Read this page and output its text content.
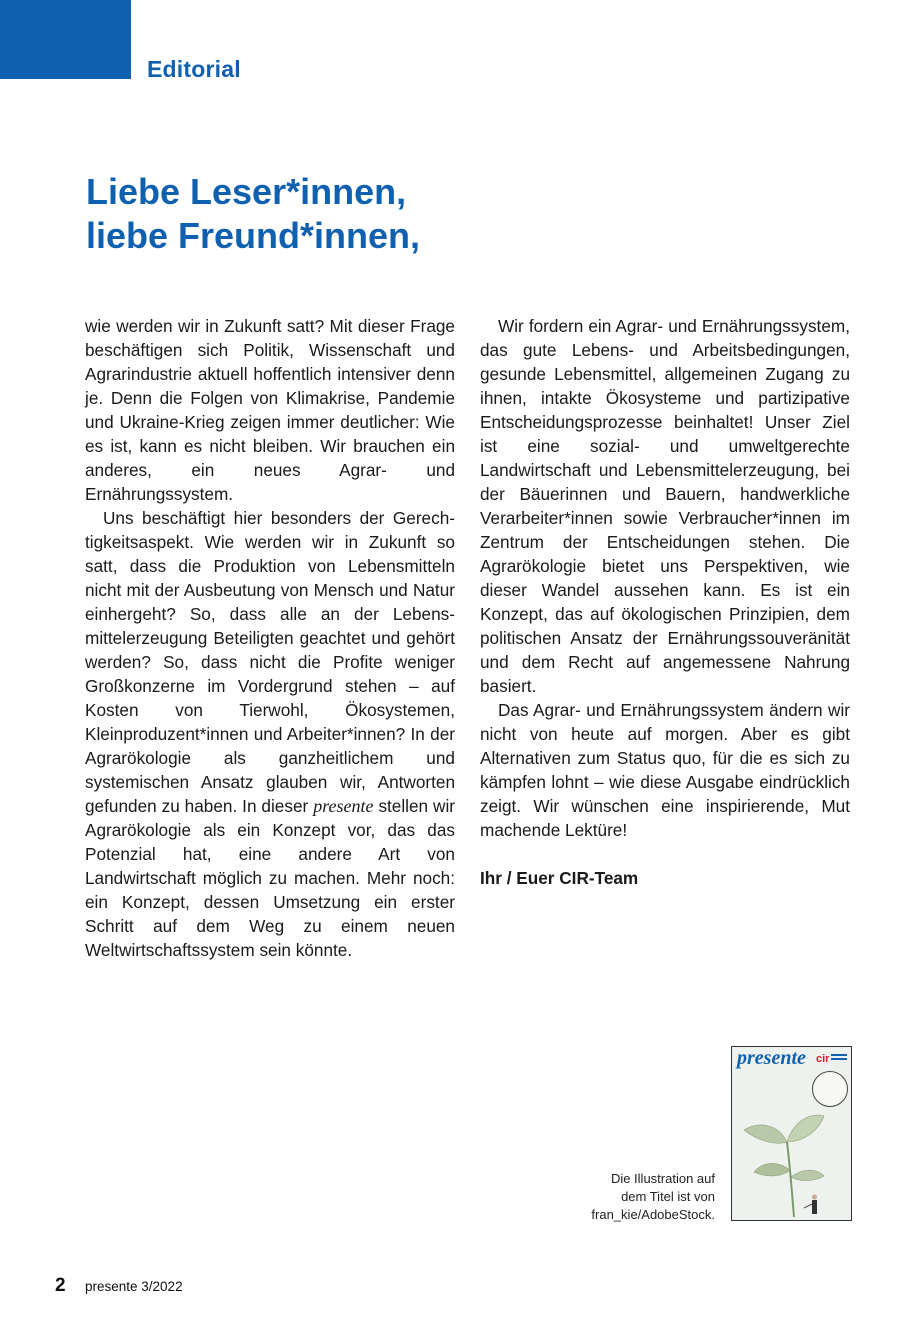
Editorial
Liebe Leser*innen,
liebe Freund*innen,

wie werden wir in Zukunft satt? Mit dieser Frage beschäftigen sich Politik, Wissenschaft und Agrarindustrie aktuell hoffentlich intensiver denn je. Denn die Folgen von Klimakrise, Pandemie und Ukraine-Krieg zeigen immer deutlicher: Wie es ist, kann es nicht bleiben. Wir brauchen ein anderes, ein neues Agrar- und Ernährungssystem.

Uns beschäftigt hier besonders der Gerechtigkeitsaspekt. Wie werden wir in Zukunft so satt, dass die Produktion von Lebensmitteln nicht mit der Ausbeutung von Mensch und Natur einhergeht? So, dass alle an der Lebensmittelerzeugung Beteiligten geachtet und gehört werden? So, dass nicht die Profite weniger Großkonzerne im Vordergrund stehen – auf Kosten von Tierwohl, Ökosystemen, Kleinproduzent*innen und Arbeiter*innen? In der Agrarökologie als ganzheitlichem und systemischen Ansatz glauben wir, Antworten gefunden zu haben. In dieser presente stellen wir Agrarökologie als ein Konzept vor, das das Potenzial hat, eine andere Art von Landwirtschaft möglich zu machen. Mehr noch: ein Konzept, dessen Umsetzung ein erster Schritt auf dem Weg zu einem neuen Weltwirtschaftssystem sein könnte.

Wir fordern ein Agrar- und Ernährungssystem, das gute Lebens- und Arbeitsbedingungen, gesunde Lebensmittel, allgemeinen Zugang zu ihnen, intakte Ökosysteme und partizipative Entscheidungsprozesse beinhaltet! Unser Ziel ist eine sozial- und umweltgerechte Landwirtschaft und Lebensmittelerzeugung, bei der Bäuerinnen und Bauern, handwerkliche Verarbeiter*innen sowie Verbraucher*innen im Zentrum der Entscheidungen stehen. Die Agrarökologie bietet uns Perspektiven, wie dieser Wandel aussehen kann. Es ist ein Konzept, das auf ökologischen Prinzipien, dem politischen Ansatz der Ernährungssouveränität und dem Recht auf angemessene Nahrung basiert.

Das Agrar- und Ernährungssystem ändern wir nicht von heute auf morgen. Aber es gibt Alternativen zum Status quo, für die es sich zu kämpfen lohnt – wie diese Ausgabe eindrücklich zeigt. Wir wünschen eine inspirierende, Mut machende Lektüre!

Ihr / Euer CIR-Team

Die Illustration auf
dem Titel ist von
fran_kie/AdobeStock.
presente cir
2 presente 3/2022
